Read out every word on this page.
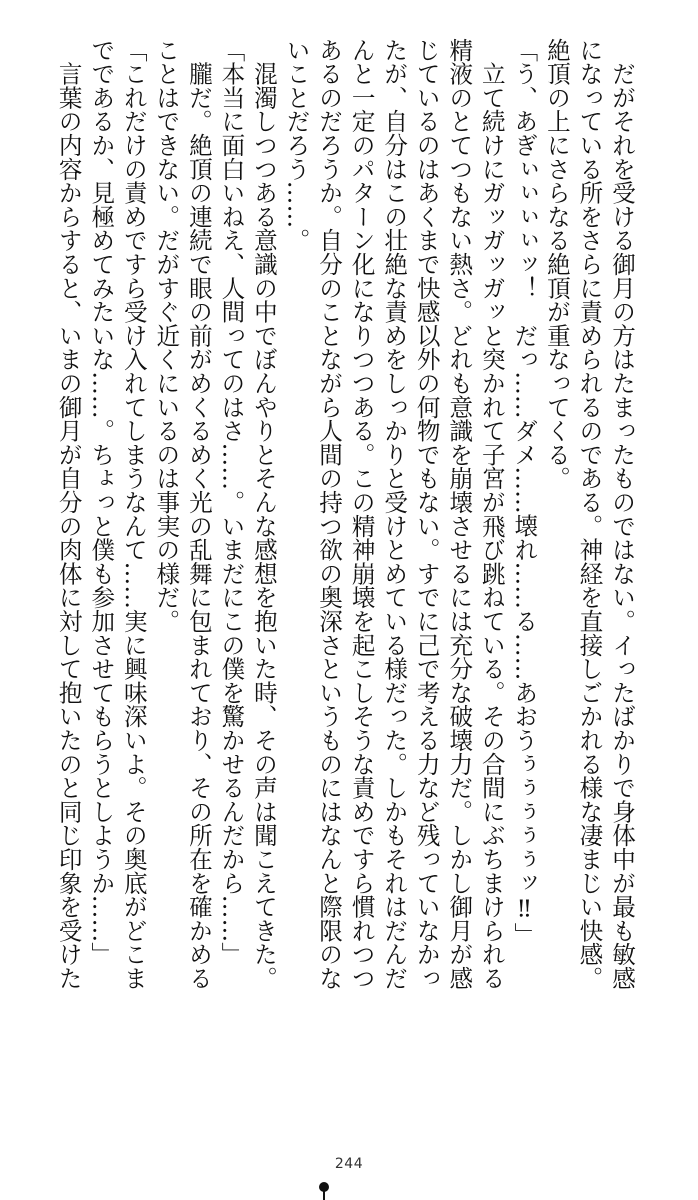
　だがそれを受ける御月の方はたまったものではない。イったばかりで身体中が最も敏感

になっている所をさらに責められるのである。神経を直接しごかれる様な凄まじい快感。

絶頂の上にさらなる絶頂が重なってくる。

「う、あぎぃぃぃぃッ！　だっ……ダメ……壊れ……る……あおうぅぅぅぅぅッ‼」

　立て続けにガッガッガッと突かれて子宮が飛び跳ねている。その合間にぶちまけられる

精液のとてつもない熱さ。どれも意識を崩壊させるには充分な破壊力だ。しかし御月が感

じているのはあくまで快感以外の何物でもない。すでに己で考える力など残っていなかっ

たが、自分はこの壮絶な責めをしっかりと受けとめている様だった。しかもそれはだんだ

んと一定のパターン化になりつつある。この精神崩壊を起こしそうな責めですら慣れつつ

あるのだろうか。自分のことながら人間の持つ欲の奥深さというものにはなんと際限のな

いことだろう……。

　混濁しつつある意識の中でぼんやりとそんな感想を抱いた時、その声は聞こえてきた。

「本当に面白いねえ、人間ってのはさ……。いまだにこの僕を驚かせるんだから……」

　朧だ。絶頂の連続で眼の前がめくるめく光の乱舞に包まれており、その所在を確かめる

ことはできない。だがすぐ近くにいるのは事実の様だ。

「これだけの責めですら受け入れてしまうなんて……実に興味深いよ。その奥底がどこま

でであるか、見極めてみたいな……。ちょっと僕も参加させてもらうとしようか……」

　言葉の内容からすると、いまの御月が自分の肉体に対して抱いたのと同じ印象を受けた

244
